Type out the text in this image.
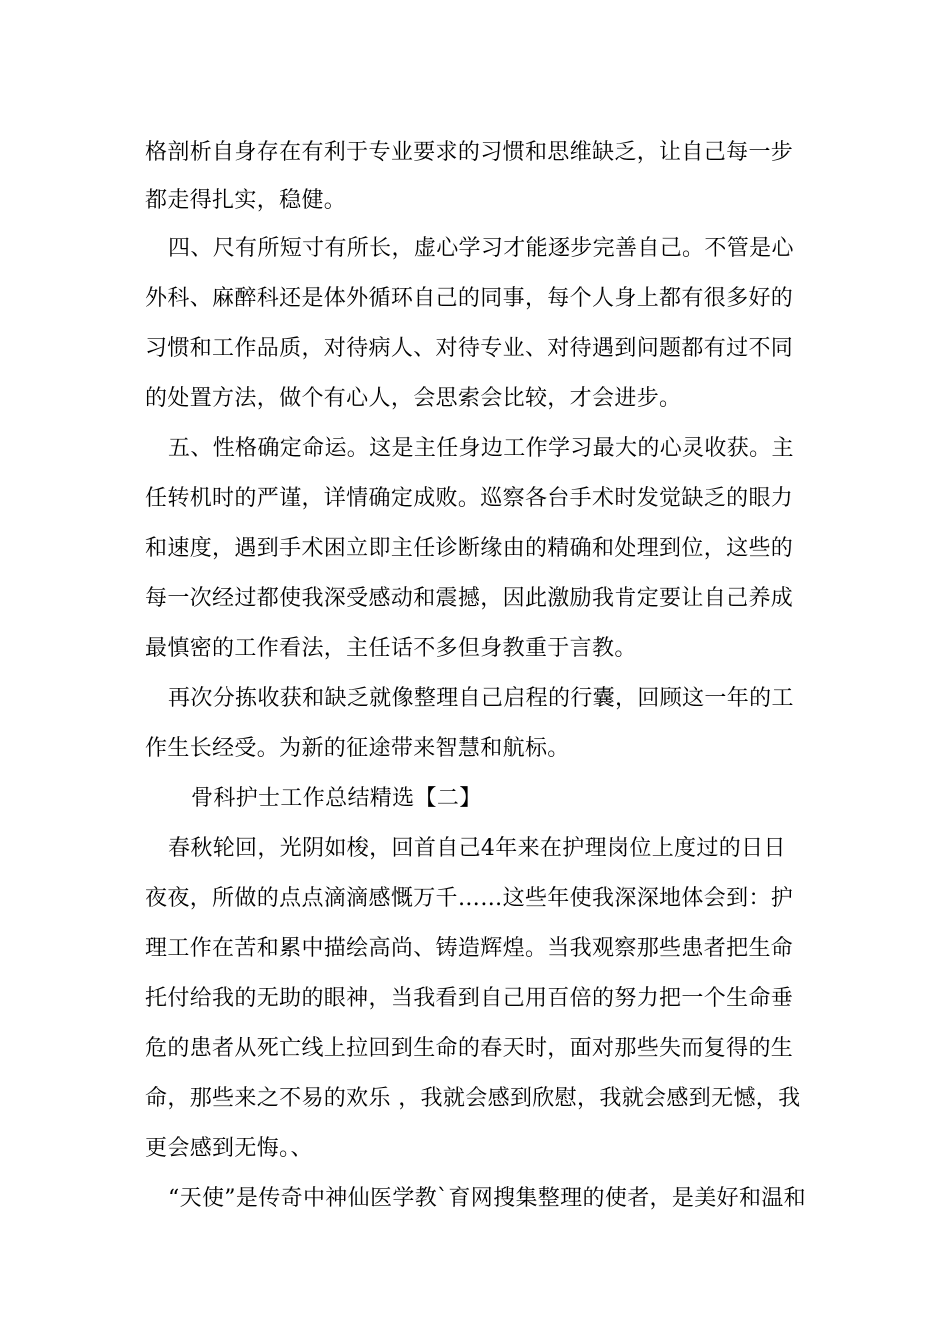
格剖析自身存在有利于专业要求的习惯和思维缺乏，让自己每一步
都走得扎实，稳健。
四、尺有所短寸有所长，虚心学习才能逐步完善自己。不管是心
外科、麻醉科还是体外循环自己的同事，每个人身上都有很多好的
习惯和工作品质，对待病人、对待专业、对待遇到问题都有过不同
的处置方法，做个有心人，会思索会比较，才会进步。
五、性格确定命运。这是主任身边工作学习最大的心灵收获。主
任转机时的严谨，详情确定成败。巡察各台手术时发觉缺乏的眼力
和速度，遇到手术困立即主任诊断缘由的精确和处理到位，这些的
每一次经过都使我深受感动和震撼，因此激励我肯定要让自己养成
最慎密的工作看法，主任话不多但身教重于言教。
再次分拣收获和缺乏就像整理自己启程的行囊，回顾这一年的工
作生长经受。为新的征途带来智慧和航标。
骨科护士工作总结精选【二】
春秋轮回，光阴如梭，回首自己4年来在护理岗位上度过的日日
夜夜，所做的点点滴滴感慨万千……这些年使我深深地体会到：护
理工作在苦和累中描绘高尚、铸造辉煌。当我观察那些患者把生命
托付给我的无助的眼神，当我看到自己用百倍的努力把一个生命垂
危的患者从死亡线上拉回到生命的春天时，面对那些失而复得的生
命，那些来之不易的欢乐 ，我就会感到欣慰，我就会感到无憾，我
更会感到无悔。、
“天使”是传奇中神仙医学教`育网搜集整理的使者，是美好和温和
